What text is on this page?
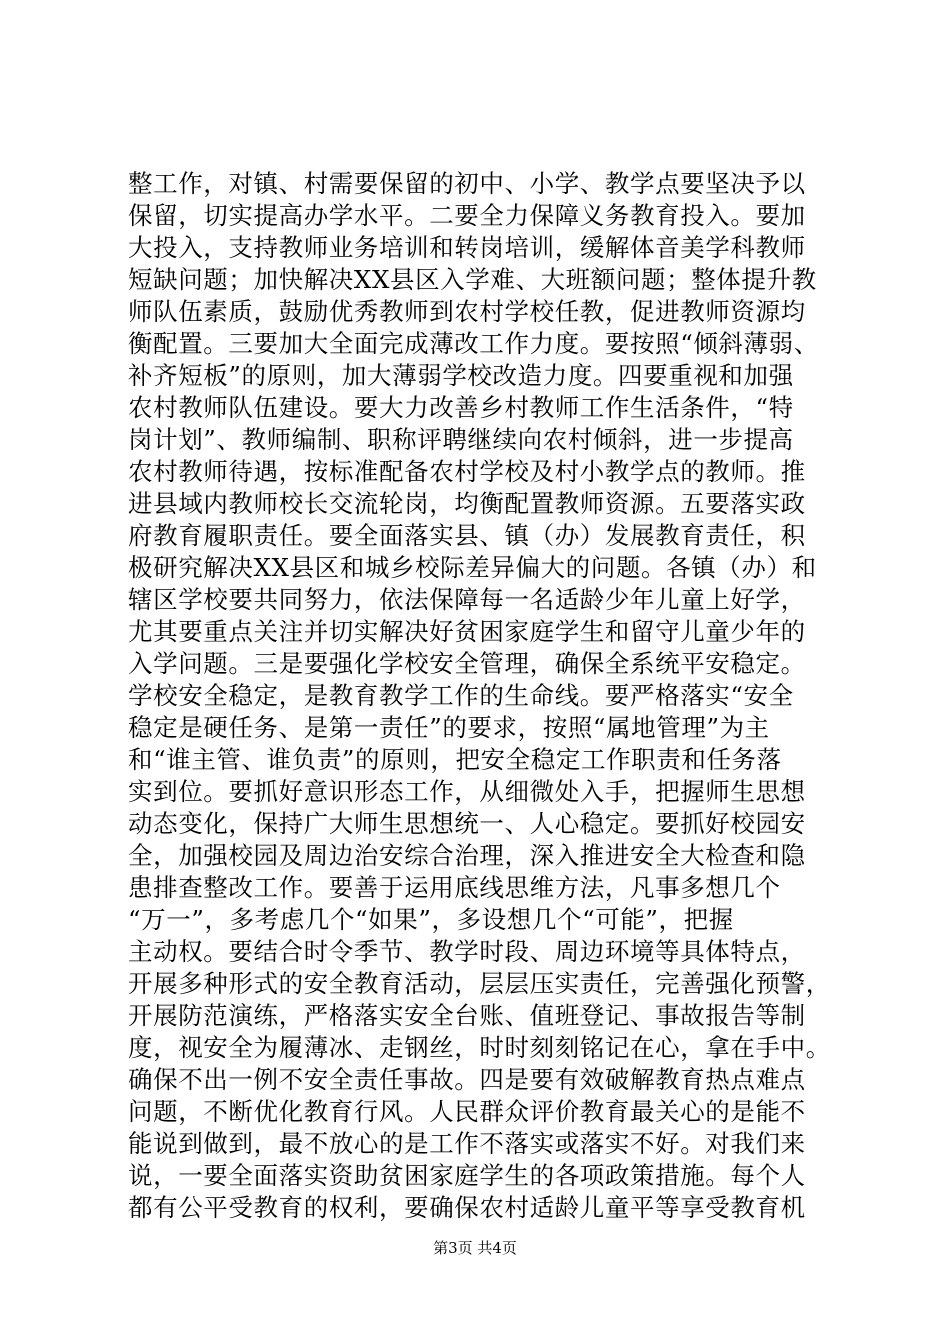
整工作，对镇、村需要保留的初中、小学、教学点要坚决予以
保留，切实提高办学水平。二要全力保障义务教育投入。要加
大投入，支持教师业务培训和转岗培训，缓解体音美学科教师
短缺问题；加快解决XX县区入学难、大班额问题；整体提升教
师队伍素质，鼓励优秀教师到农村学校任教，促进教师资源均
衡配置。三要加大全面完成薄改工作力度。要按照“倾斜薄弱、
补齐短板”的原则，加大薄弱学校改造力度。四要重视和加强
农村教师队伍建设。要大力改善乡村教师工作生活条件，“特
岗计划”、教师编制、职称评聘继续向农村倾斜，进一步提高
农村教师待遇，按标准配备农村学校及村小教学点的教师。推
进县域内教师校长交流轮岗，均衡配置教师资源。五要落实政
府教育履职责任。要全面落实县、镇（办）发展教育责任，积
极研究解决XX县区和城乡校际差异偏大的问题。各镇（办）和
辖区学校要共同努力，依法保障每一名适龄少年儿童上好学，
尤其要重点关注并切实解决好贫困家庭学生和留守儿童少年的
入学问题。三是要强化学校安全管理，确保全系统平安稳定。
学校安全稳定，是教育教学工作的生命线。要严格落实“安全
稳定是硬任务、是第一责任”的要求，按照“属地管理”为主
和“谁主管、谁负责”的原则，把安全稳定工作职责和任务落
实到位。要抓好意识形态工作，从细微处入手，把握师生思想
动态变化，保持广大师生思想统一、人心稳定。要抓好校园安
全，加强校园及周边治安综合治理，深入推进安全大检查和隐
患排查整改工作。要善于运用底线思维方法，凡事多想几个
“万一”，多考虑几个“如果”，多设想几个“可能”，把握
主动权。要结合时令季节、教学时段、周边环境等具体特点，
开展多种形式的安全教育活动，层层压实责任，完善强化预警，
开展防范演练，严格落实安全台账、值班登记、事故报告等制
度，视安全为履薄冰、走钢丝，时时刻刻铭记在心，拿在手中。
确保不出一例不安全责任事故。四是要有效破解教育热点难点
问题，不断优化教育行风。人民群众评价教育最关心的是能不
能说到做到，最不放心的是工作不落实或落实不好。对我们来
说，一要全面落实资助贫困家庭学生的各项政策措施。每个人
都有公平受教育的权利，要确保农村适龄儿童平等享受教育机
第3页 共4页
